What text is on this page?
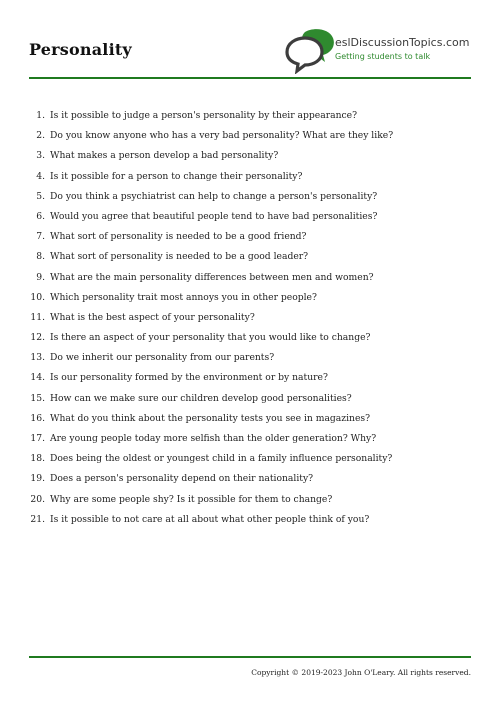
Personality	eslDiscussionTopics.com
Getting students to talk
1. Is it possible to judge a person's personality by their appearance?
2. Do you know anyone who has a very bad personality? What are they like?
3. What makes a person develop a bad personality?
4. Is it possible for a person to change their personality?
5. Do you think a psychiatrist can help to change a person's personality?
6. Would you agree that beautiful people tend to have bad personalities?
7. What sort of personality is needed to be a good friend?
8. What sort of personality is needed to be a good leader?
9. What are the main personality differences between men and women?
10. Which personality trait most annoys you in other people?
11. What is the best aspect of your personality?
12. Is there an aspect of your personality that you would like to change?
13. Do we inherit our personality from our parents?
14. Is our personality formed by the environment or by nature?
15. How can we make sure our children develop good personalities?
16. What do you think about the personality tests you see in magazines?
17. Are young people today more selfish than the older generation? Why?
18. Does being the oldest or youngest child in a family influence personality?
19. Does a person's personality depend on their nationality?
20. Why are some people shy? Is it possible for them to change?
21. Is it possible to not care at all about what other people think of you?
Copyright © 2019-2023 John O'Leary. All rights reserved.
